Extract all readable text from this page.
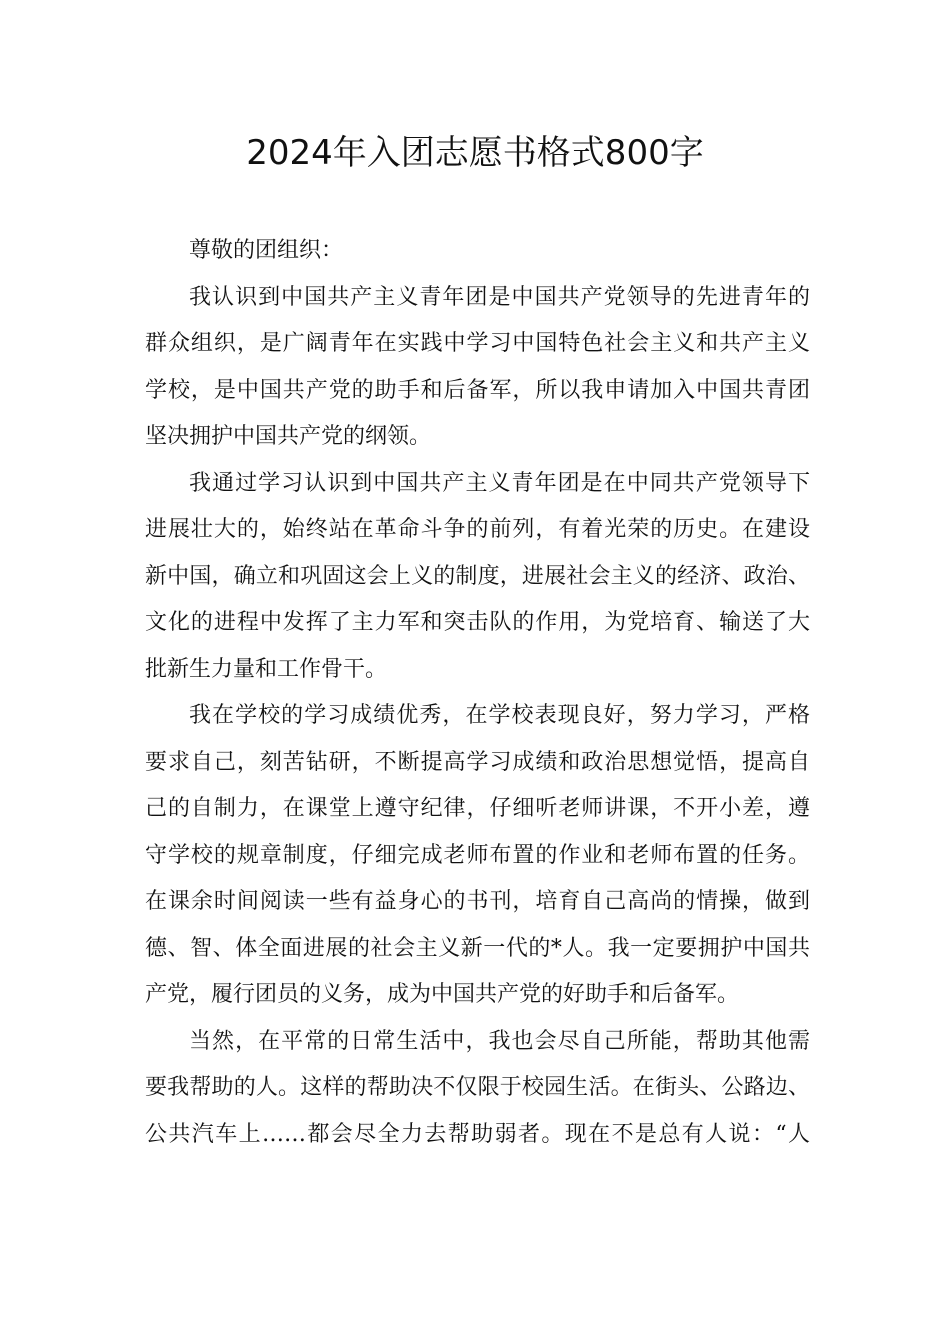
2024年入团志愿书格式800字
尊敬的团组织：
我认识到中国共产主义青年团是中国共产党领导的先进青年的
群众组织，是广阔青年在实践中学习中国特色社会主义和共产主义
学校，是中国共产党的助手和后备军，所以我申请加入中国共青团
坚决拥护中国共产党的纲领。
我通过学习认识到中国共产主义青年团是在中同共产党领导下
进展壮大的，始终站在革命斗争的前列，有着光荣的历史。在建设
新中国，确立和巩固这会上义的制度，进展社会主义的经济、政治、
文化的进程中发挥了主力军和突击队的作用，为党培育、输送了大
批新生力量和工作骨干。
我在学校的学习成绩优秀，在学校表现良好，努力学习，严格
要求自己，刻苦钻研，不断提高学习成绩和政治思想觉悟，提高自
己的自制力，在课堂上遵守纪律，仔细听老师讲课，不开小差，遵
守学校的规章制度，仔细完成老师布置的作业和老师布置的任务。
在课余时间阅读一些有益身心的书刊，培育自己高尚的情操，做到
德、智、体全面进展的社会主义新一代的*人。我一定要拥护中国共
产党，履行团员的义务，成为中国共产党的好助手和后备军。
当然，在平常的日常生活中，我也会尽自己所能，帮助其他需
要我帮助的人。这样的帮助决不仅限于校园生活。在街头、公路边、
公共汽车上……都会尽全力去帮助弱者。现在不是总有人说：“人
